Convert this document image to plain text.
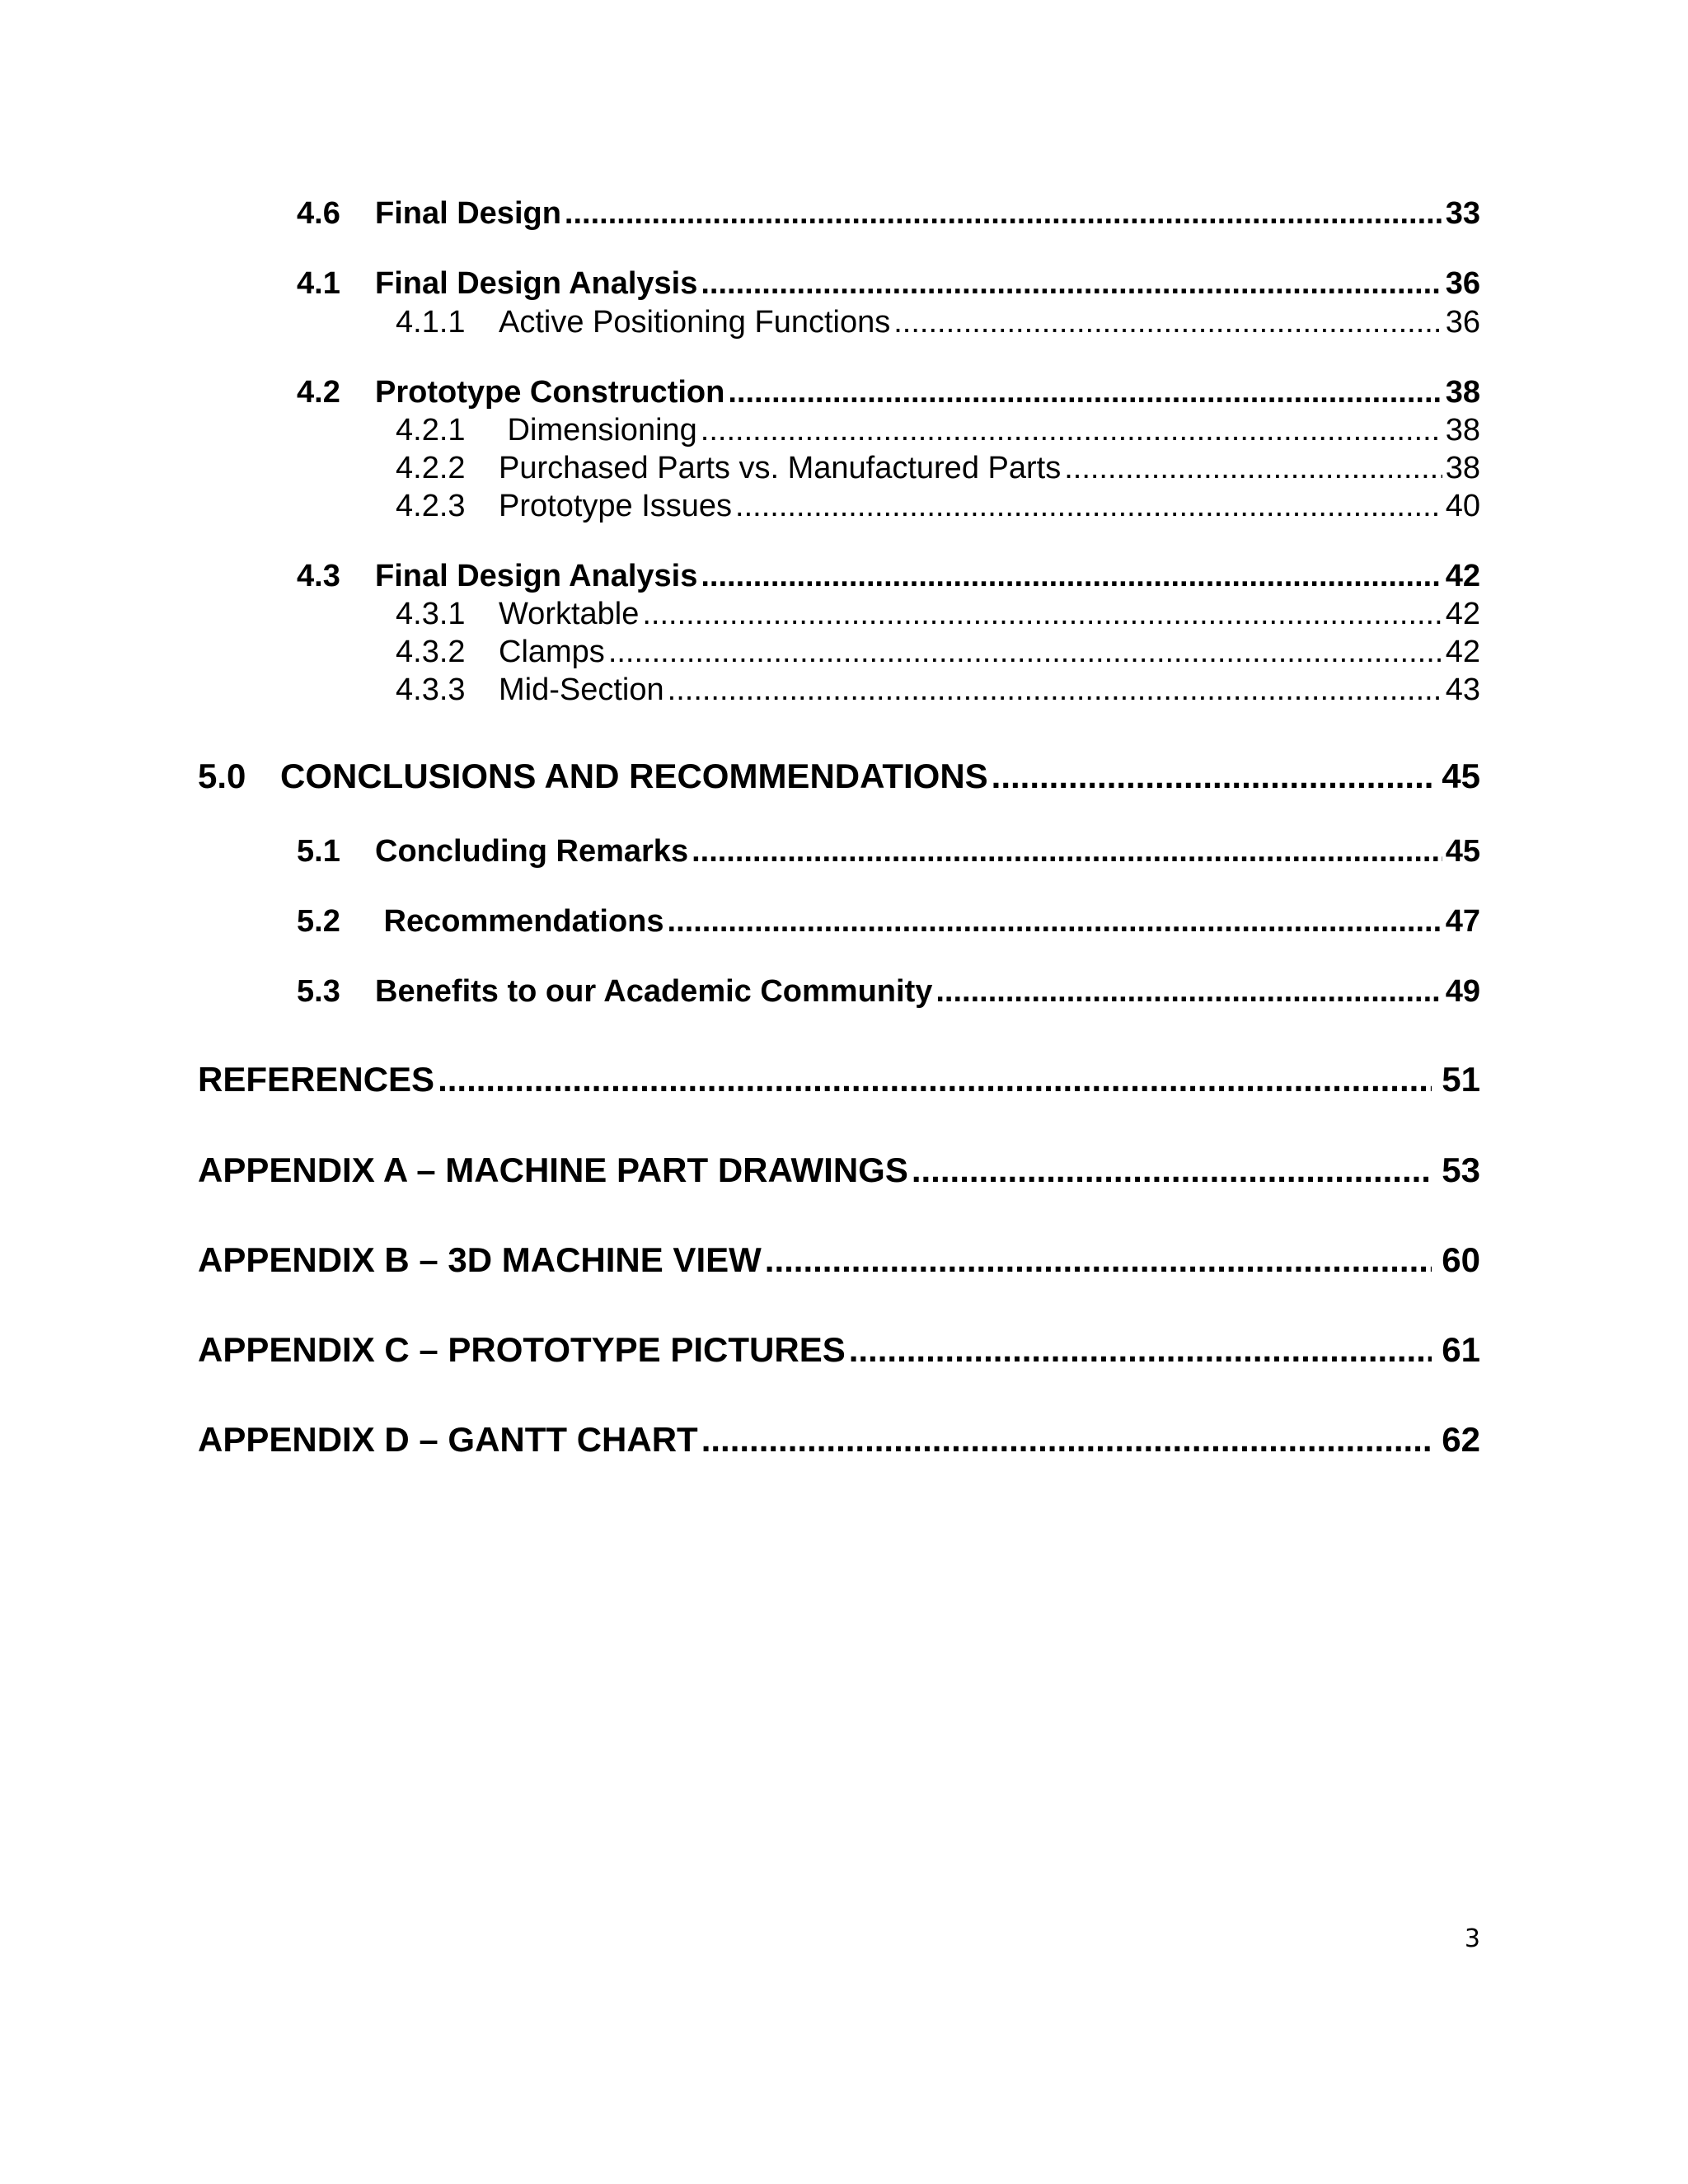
4.6	Final Design .....	33
4.1	Final Design Analysis .....	36
4.1.1	Active Positioning Functions .....	36
4.2	Prototype Construction .....	38
4.2.1	Dimensioning .....	38
4.2.2	Purchased Parts vs. Manufactured Parts .....	38
4.2.3	Prototype Issues .....	40
4.3	Final Design Analysis .....	42
4.3.1	Worktable .....	42
4.3.2	Clamps .....	42
4.3.3	Mid-Section .....	43
5.0 CONCLUSIONS AND RECOMMENDATIONS .....	45
5.1	Concluding Remarks .....	45
5.2	Recommendations .....	47
5.3	Benefits to our Academic Community .....	49
REFERENCES .....	51
APPENDIX A – MACHINE PART DRAWINGS .....	53
APPENDIX B – 3D MACHINE VIEW .....	60
APPENDIX C – PROTOTYPE PICTURES .....	61
APPENDIX D – GANTT CHART .....	62
3
